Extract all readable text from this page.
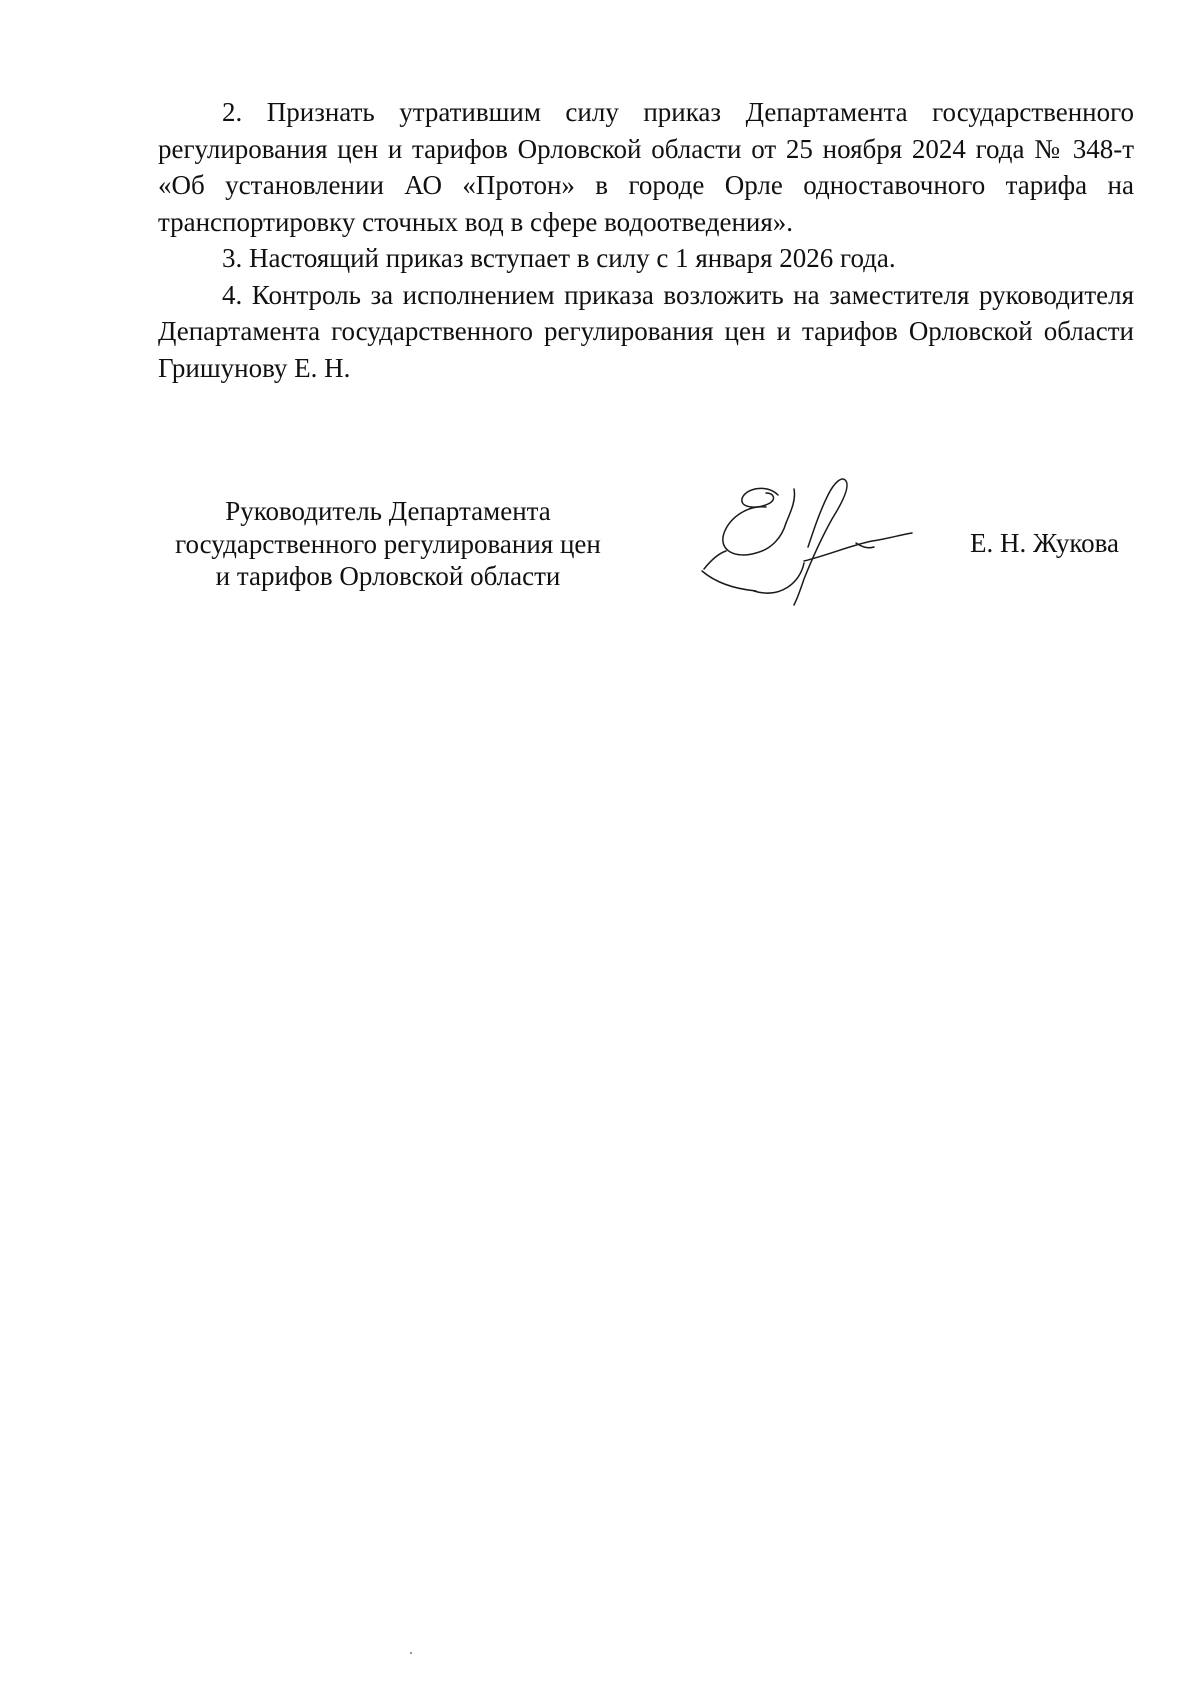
2. Признать утратившим силу приказ Департамента государственного регулирования цен и тарифов Орловской области от 25 ноября 2024 года № 348-т «Об установлении АО «Протон» в городе Орле одноставочного тарифа на транспортировку сточных вод в сфере водоотведения».

3. Настоящий приказ вступает в силу с 1 января 2026 года.

4. Контроль за исполнением приказа возложить на заместителя руководителя Департамента государственного регулирования цен и тарифов Орловской области Гришунову Е. Н.

Руководитель Департамента
государственного регулирования цен
и тарифов Орловской области
Е. Н. Жукова
